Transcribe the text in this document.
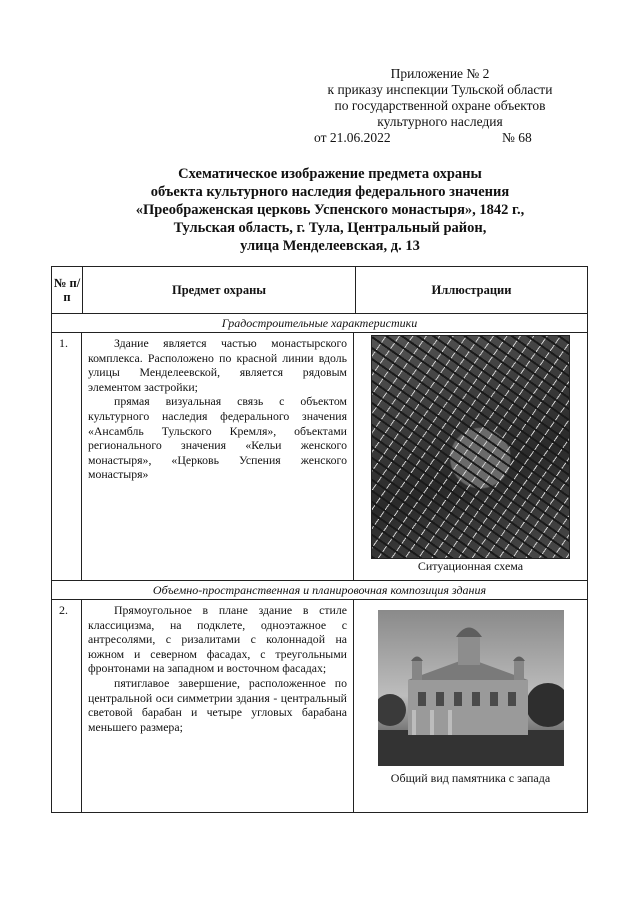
Приложение № 2
к приказу инспекции Тульской области
по государственной охране объектов
культурного наследия
от 21.06.2022	№ 68
Схематическое изображение предмета охраны
объекта культурного наследия федерального значения
«Преображенская церковь Успенского монастыря», 1842 г.,
Тульская область, г. Тула, Центральный район,
улица Менделеевская, д. 13
№ п/п	Предмет охраны	Иллюстрации
Градостроительные характеристики
1.	Здание является частью монастырского комплекса. Расположено по красной линии вдоль улицы Менделеевской, является рядовым элементом застройки;

прямая визуальная связь с объектом культурного наследия федерального значения «Ансамбль Тульского Кремля», объектами регионального значения «Кельи женского монастыря», «Церковь Успения женского монастыря»

Ситуационная схема
Объемно-пространственная и планировочная композиция здания
2.	Прямоугольное в плане здание в стиле классицизма, на подклете, одноэтажное с антресолями, с ризалитами с колоннадой на южном и северном фасадах, с треугольными фронтонами на западном и восточном фасадах;

пятиглавое завершение, расположенное по центральной оси симметрии здания - центральный световой барабан и четыре угловых барабана меньшего размера;

Общий вид памятника с запада
